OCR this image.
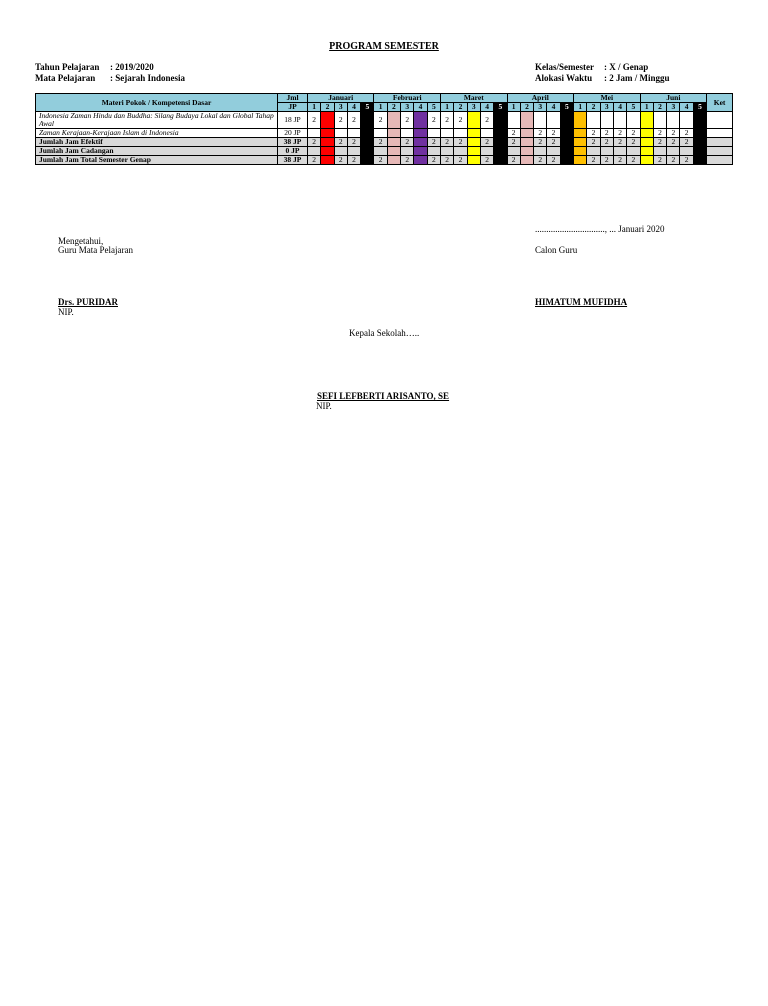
PROGRAM SEMESTER
Tahun Pelajaran : 2019/2020
Mata Pelajaran : Sejarah Indonesia
Kelas/Semester : X / Genap
Alokasi Waktu : 2 Jam / Minggu
Materi Pokok / Kompetensi Dasar	Jml	Januari					Februari					Maret					April					Mei					Juni					Ket
	JP	1	2	3	4	5	1	2	3	4	5	1	2	3	4	5	1	2	3	4	5	1	2	3	4	5	1	2	3	4	5	
Indonesia Zaman Hindu dan Buddha: Silang Budaya Lokal dan Global Tahap Awal	18 JP	2		2	2		2		2		2	2	2		2																	
Zaman Kerajaan-Kerajaan Islam di Indonesia	20 JP																2		2	2			2	2	2	2		2	2	2		
Jumlah Jam Efektif	38 JP	2		2	2		2		2		2	2	2		2		2		2	2			2	2	2	2		2	2	2		
Jumlah Jam Cadangan	0 JP																															
Jumlah Jam Total Semester Genap	38 JP	2		2	2		2		2		2	2	2		2		2		2	2			2	2	2	2		2	2	2		
..............................., ... Januari 2020
Mengetahui,
Guru Mata Pelajaran	Calon Guru
Drs. PURIDAR
NIP.
HIMATUM MUFIDHA
Kepala Sekolah…..
SEFI LEFBERTI ARISANTO, SE
NIP.
